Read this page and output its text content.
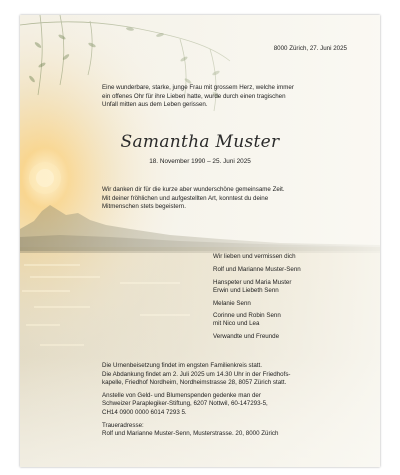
8000 Zürich, 27. Juni 2025
Eine wunderbare, starke, junge Frau mit grossem Herz, welche immer
ein offenes Ohr für ihre Lieben hatte, wurde durch einen tragischen
Unfall mitten aus dem Leben gerissen.
Samantha Muster
18. November 1990 – 25. Juni 2025
Wir danken dir für die kurze aber wunderschöne gemeinsame Zeit.
Mit deiner fröhlichen und aufgestellten Art, konntest du deine
Mitmenschen stets begeistern.
Wir lieben und vermissen dich
Rolf und Marianne Muster-Senn
Hanspeter und Maria Muster
Erwin und Liebeth Senn
Melanie Senn
Corinne und Robin Senn
mit Nico und Lea
Verwandte und Freunde

Die Urnenbeisetzung findet im engsten Familienkreis statt.
Die Abdankung findet am 2. Juli 2025 um 14.30 Uhr in der Friedhofs-
kapelle, Friedhof Nordheim, Nordheimstrasse 28, 8057 Zürich statt.

Anstelle von Geld- und Blumenspenden gedenke man der
Schweizer Paraplegiker-Stiftung, 6207 Nottwil, 60-147293-5,
CH14 0900 0000 6014 7293 5.

Traueradresse:
Rolf und Marianne Muster-Senn, Musterstrasse. 20, 8000 Zürich
